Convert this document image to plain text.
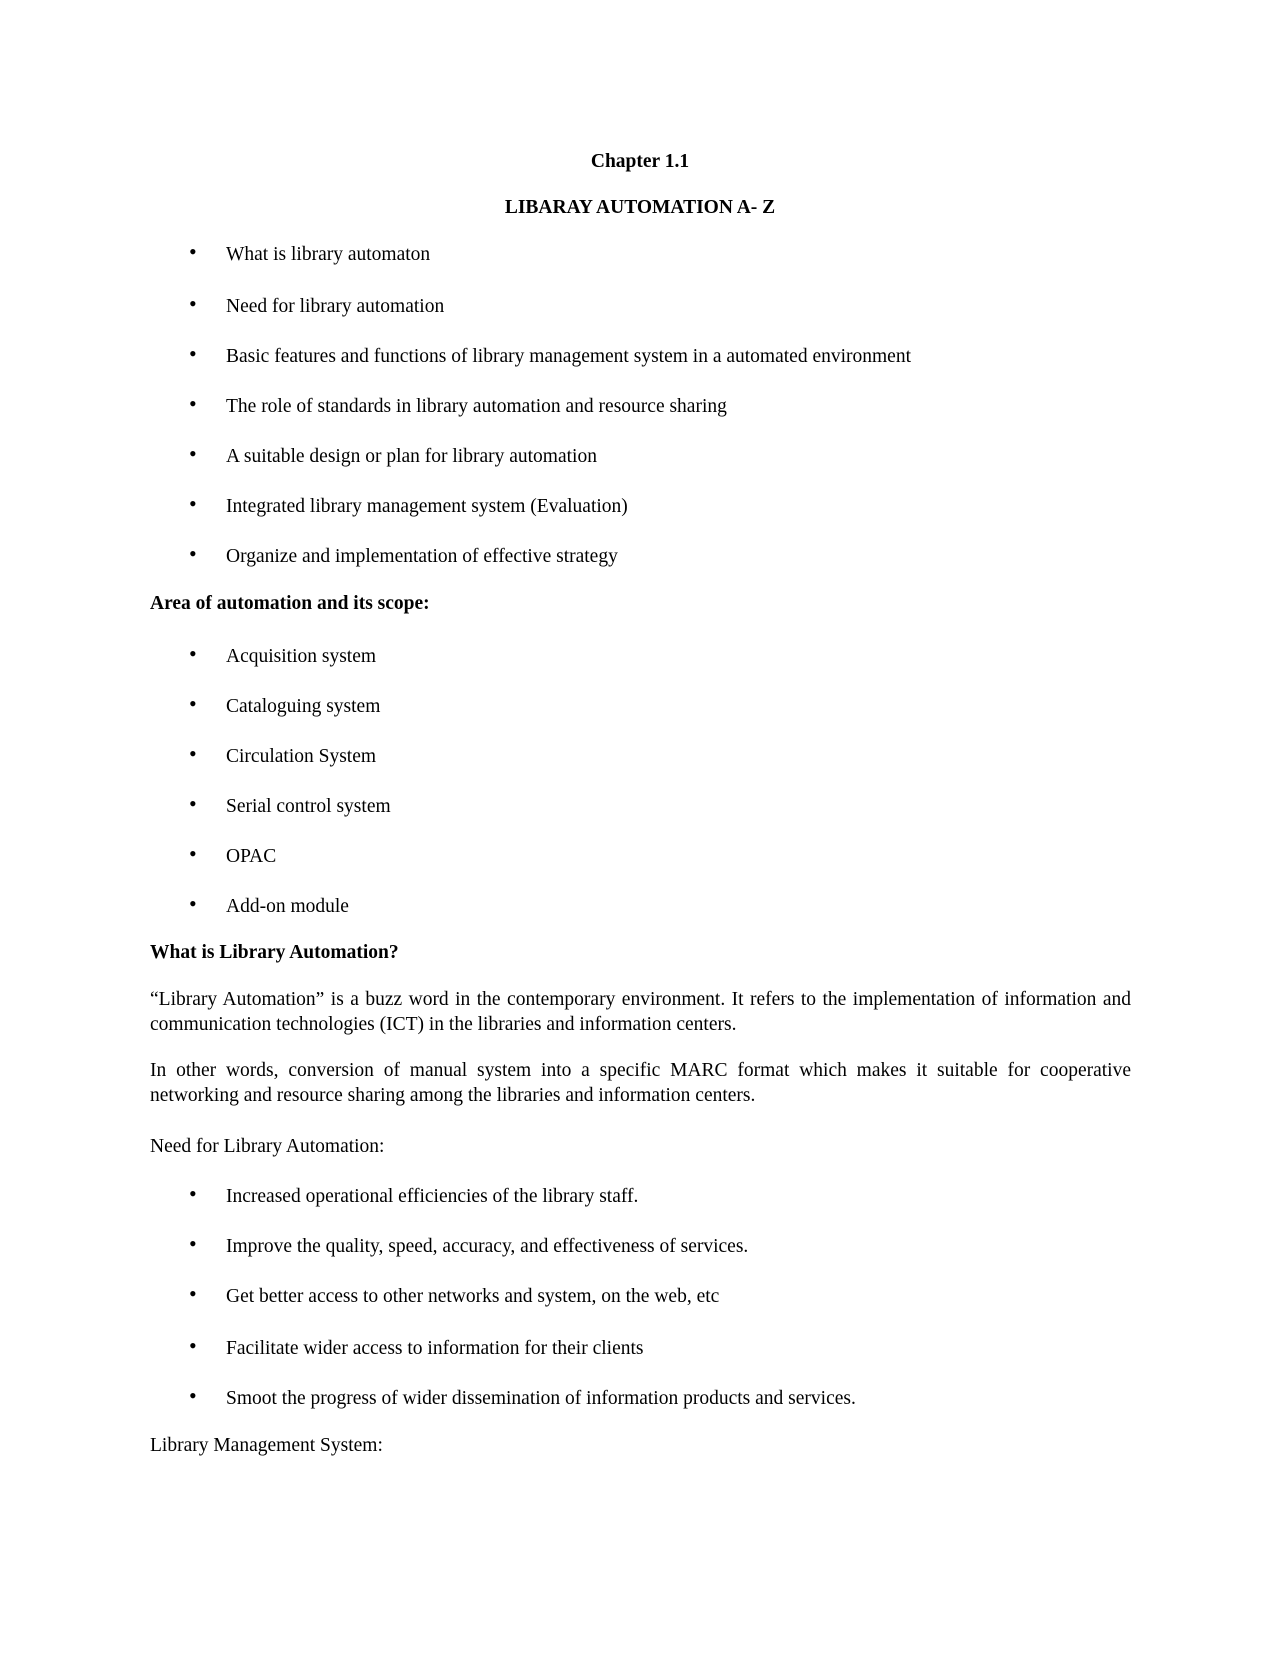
Chapter 1.1
LIBARAY AUTOMATION A- Z
• What is library automaton
• Need for library automation
• Basic features and functions of library management system in a automated environment
• The role of standards in library automation and resource sharing
• A suitable design or plan for library automation
• Integrated library management system (Evaluation)
• Organize and implementation of effective strategy
Area of automation and its scope:
• Acquisition system
• Cataloguing system
• Circulation System
• Serial control system
• OPAC
• Add-on module
What is Library Automation?
“Library Automation” is a buzz word in the contemporary environment. It refers to the implementation of information and communication technologies (ICT) in the libraries and information centers.
In other words, conversion of manual system into a specific MARC format which makes it suitable for cooperative networking and resource sharing among the libraries and information centers.
Need for Library Automation:
• Increased operational efficiencies of the library staff.
• Improve the quality, speed, accuracy, and effectiveness of services.
• Get better access to other networks and system, on the web, etc
• Facilitate wider access to information for their clients
• Smoot the progress of wider dissemination of information products and services.
Library Management System:
